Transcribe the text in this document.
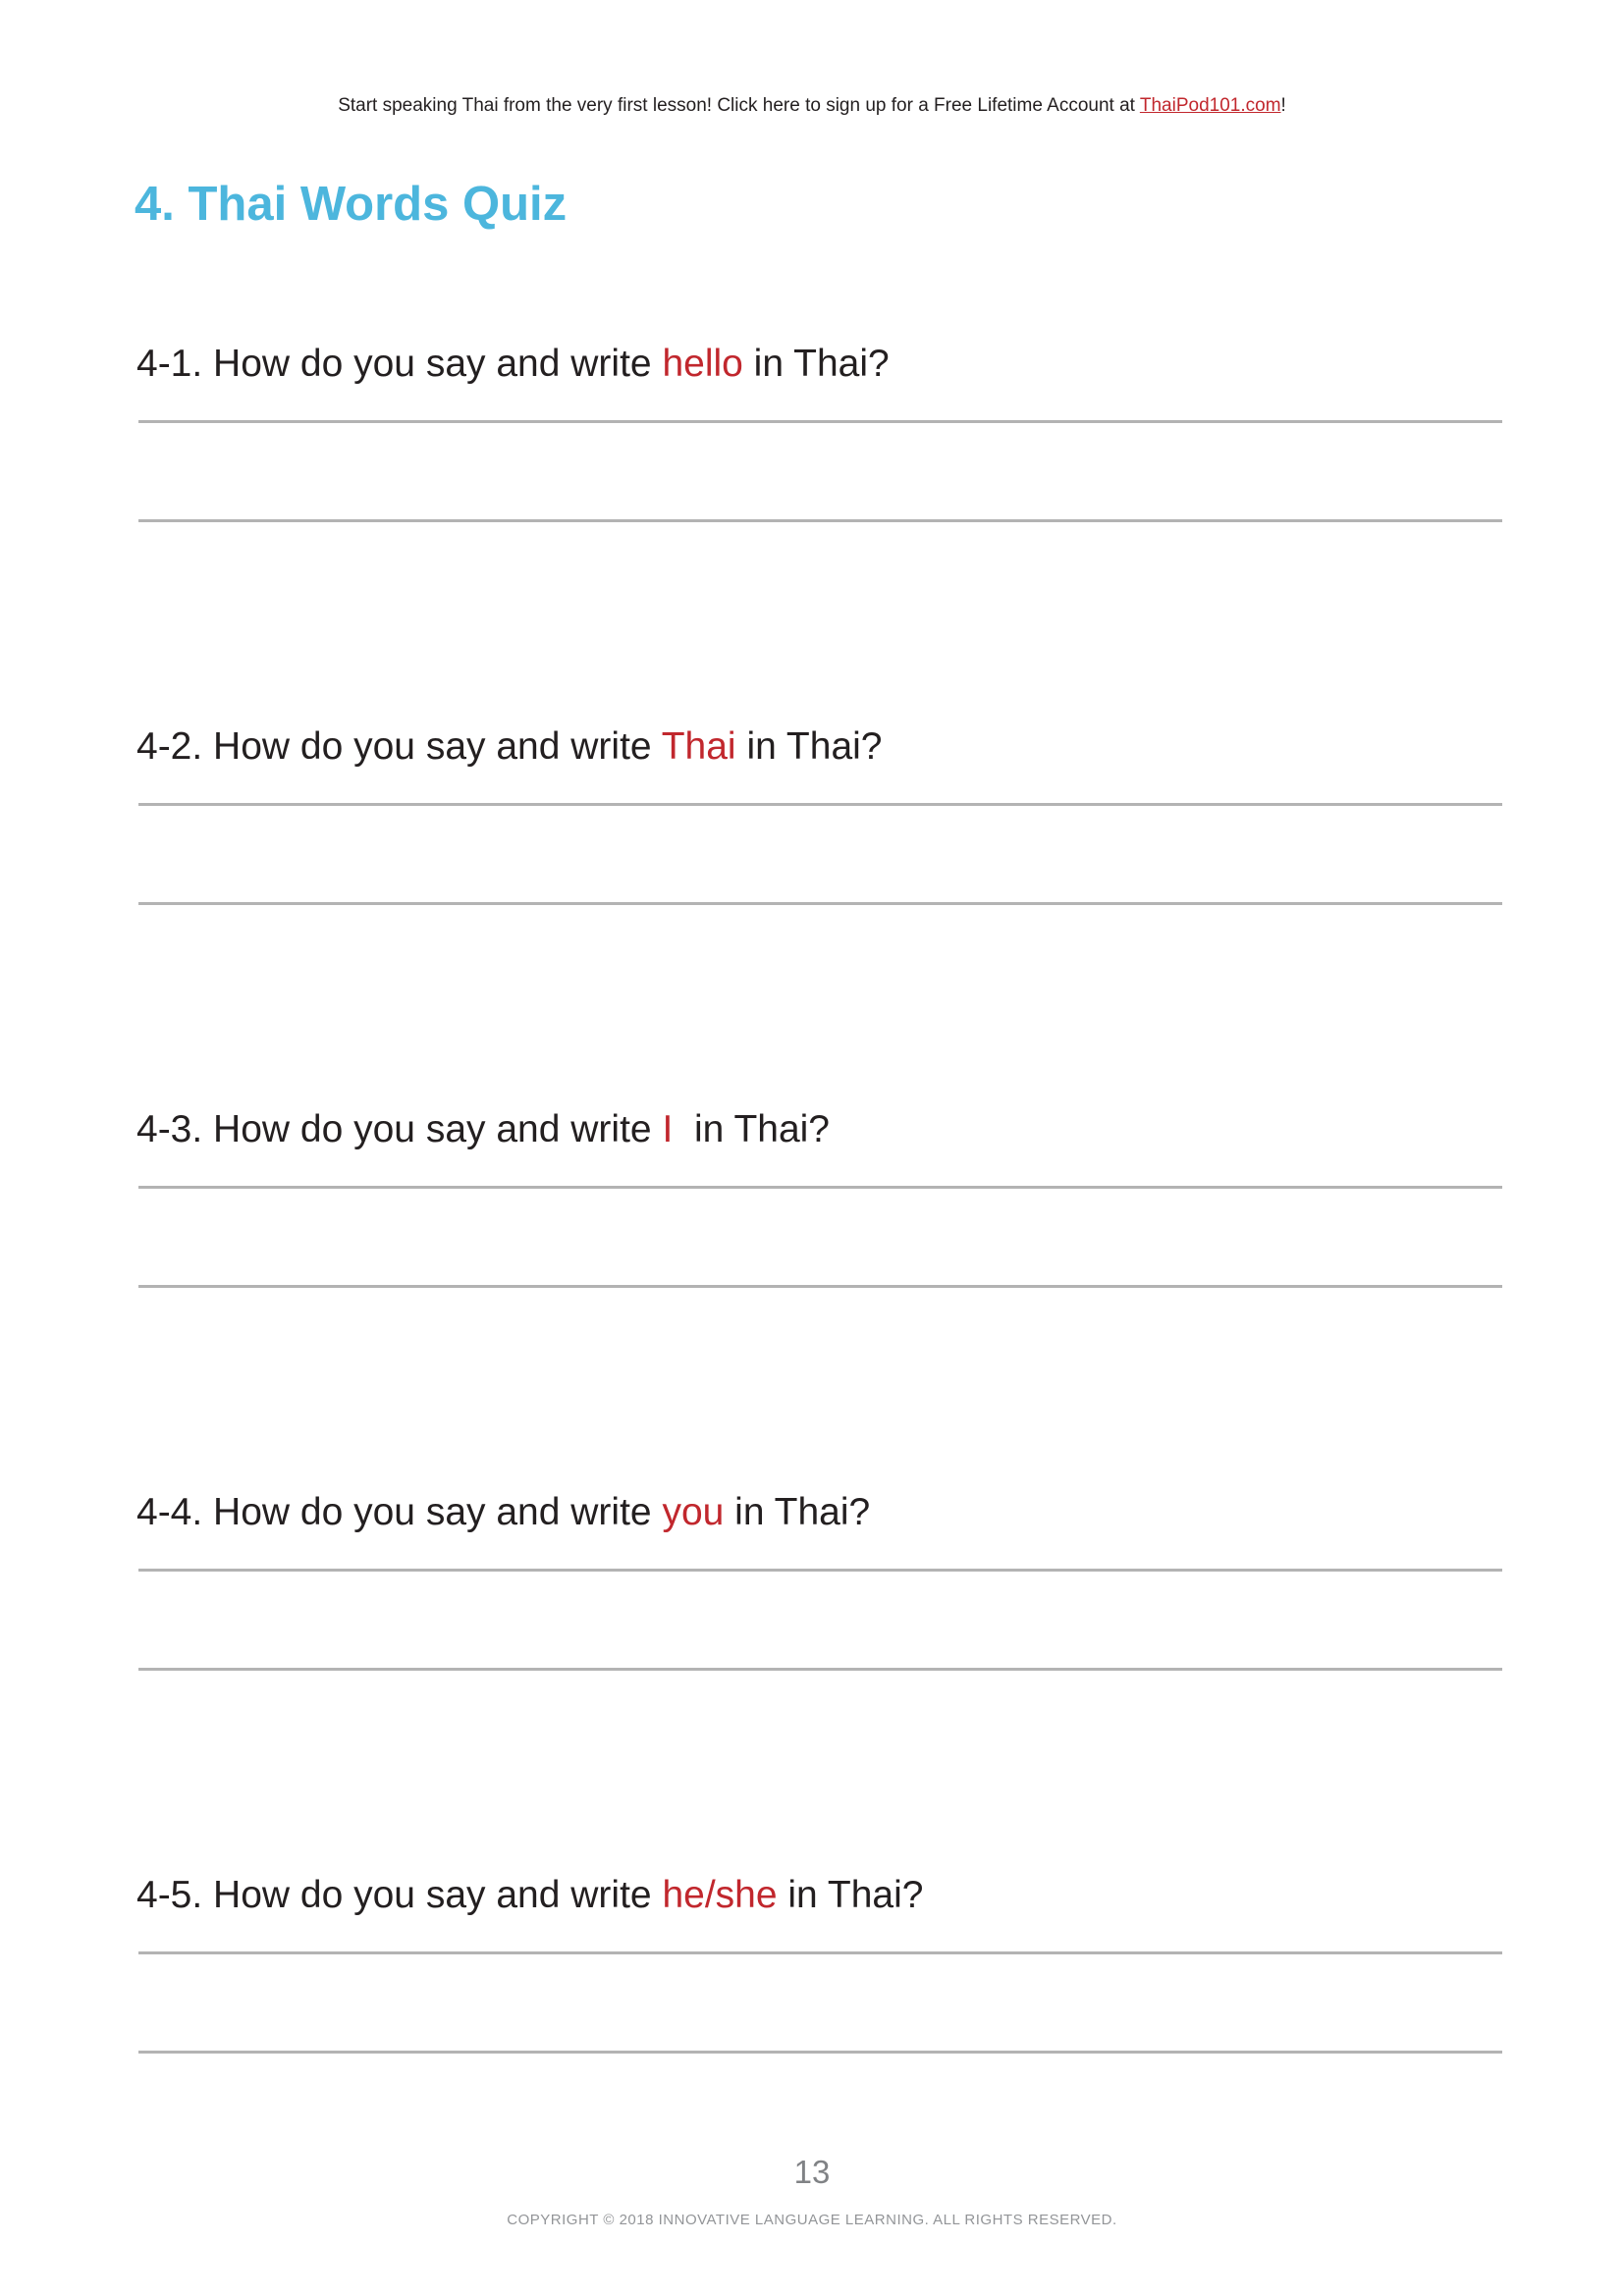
Start speaking Thai from the very first lesson! Click here to sign up for a Free Lifetime Account at ThaiPod101.com!
4. Thai Words Quiz

4-1. How do you say and write hello in Thai?

4-2. How do you say and write Thai in Thai?

4-3. How do you say and write I  in Thai?

4-4. How do you say and write you in Thai?

4-5. How do you say and write he/she in Thai?

13
COPYRIGHT © 2018 INNOVATIVE LANGUAGE LEARNING. ALL RIGHTS RESERVED.
